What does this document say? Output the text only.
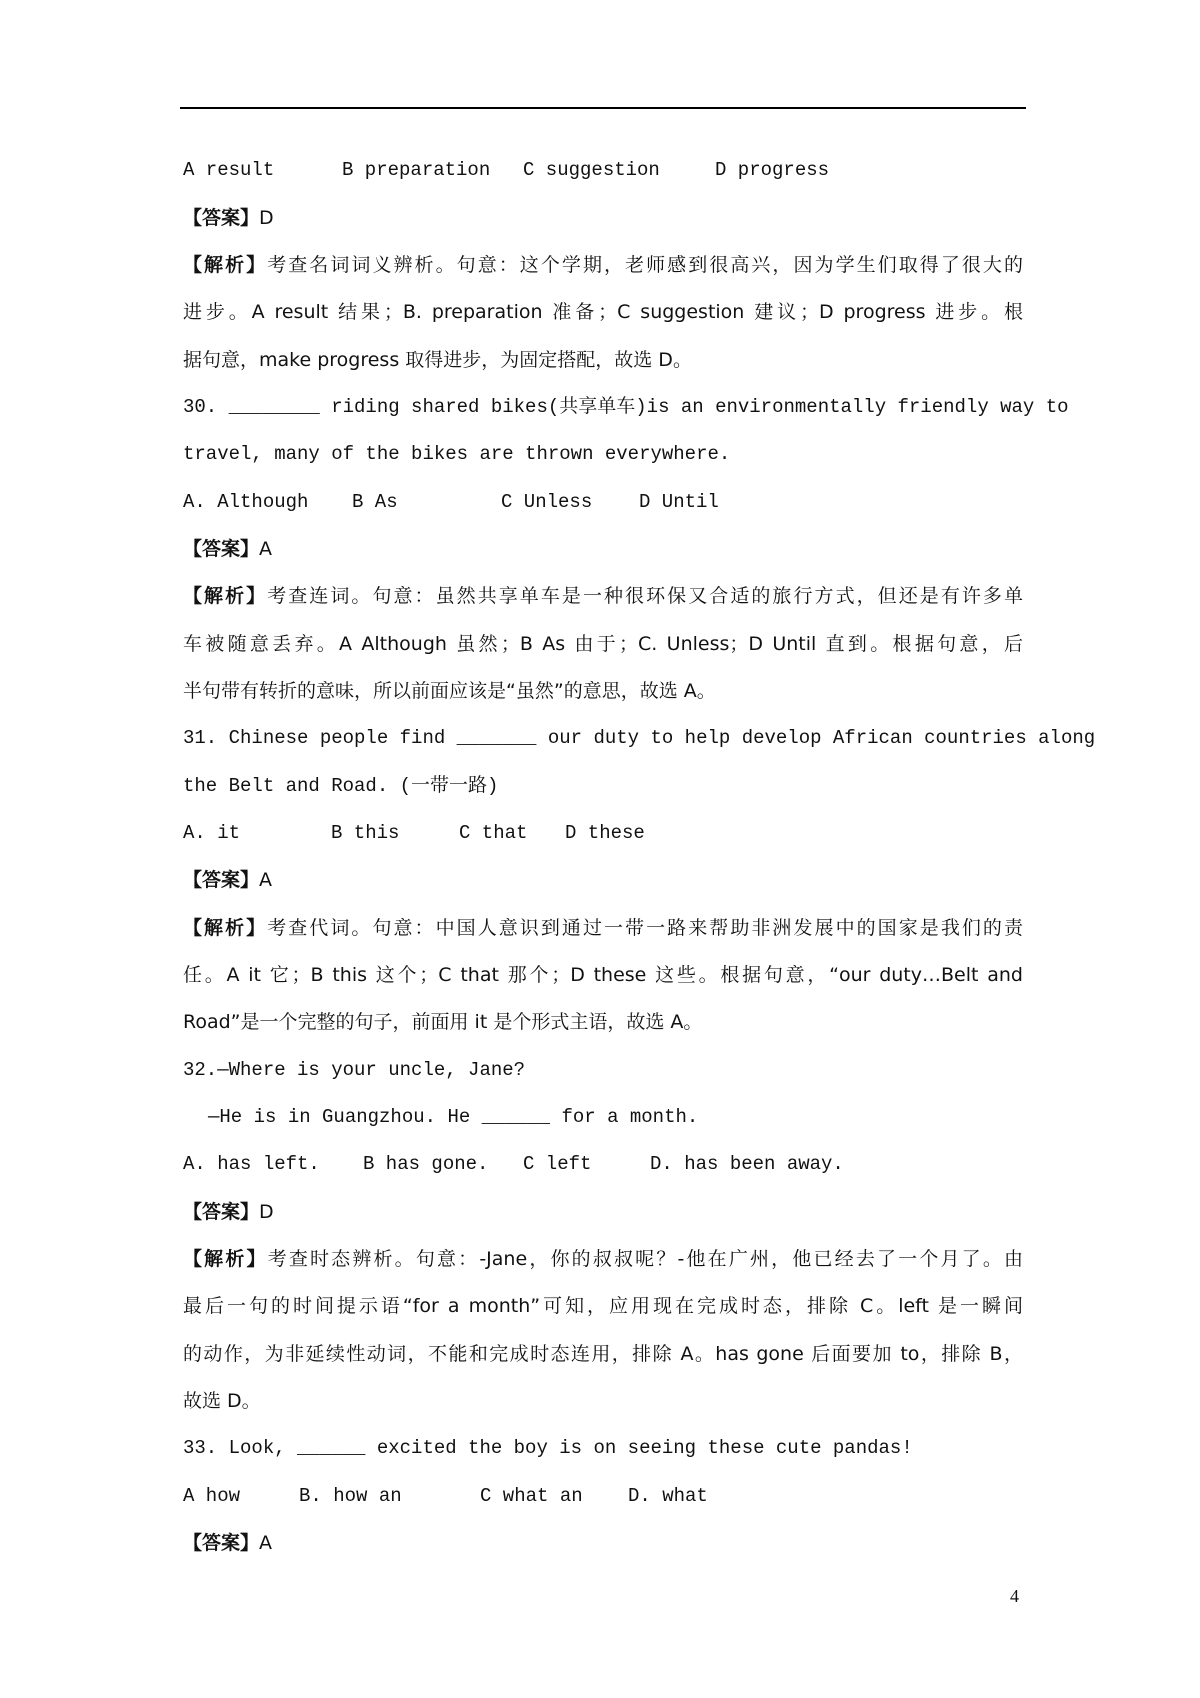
A result	B preparation C suggestion	D progress
【答案】D
【解析】考查名词词义辨析。句意：这个学期，老师感到很高兴，因为学生们取得了很大的
进步。A result 结果；B. preparation 准备；C suggestion 建议；D progress 进步。根
据句意，make progress 取得进步，为固定搭配，故选 D。
30. ________ riding shared bikes(共享单车)is an environmentally friendly way to
travel, many of the bikes are thrown everywhere.
A. Although B As	C Unless D Until
【答案】A
【解析】考查连词。句意：虽然共享单车是一种很环保又合适的旅行方式，但还是有许多单
车被随意丢弃。A Although 虽然；B As 由于；C. Unless；D Until 直到。根据句意，后
半句带有转折的意味，所以前面应该是“虽然”的意思，故选 A。
31. Chinese people find _______ our duty to help develop African countries along
the Belt and Road. (一带一路)
A. it	B this	C that D these
【答案】A
【解析】考查代词。句意：中国人意识到通过一带一路来帮助非洲发展中的国家是我们的责
任。A it 它；B this 这个；C that 那个；D these 这些。根据句意，“our duty…Belt and
Road”是一个完整的句子，前面用 it 是个形式主语，故选 A。
32.—Where is your uncle, Jane?
—He is in Guangzhou. He ______ for a month.
A. has left. B has gone. C left	D. has been away.
【答案】D
【解析】考查时态辨析。句意：-Jane，你的叔叔呢？-他在广州，他已经去了一个月了。由
最后一句的时间提示语“for a month”可知，应用现在完成时态，排除 C。left 是一瞬间
的动作，为非延续性动词，不能和完成时态连用，排除 A。has gone 后面要加 to，排除 B，
故选 D。
33. Look, ______ excited the boy is on seeing these cute pandas!
A how	B. how an	C what an D. what
【答案】A
4
